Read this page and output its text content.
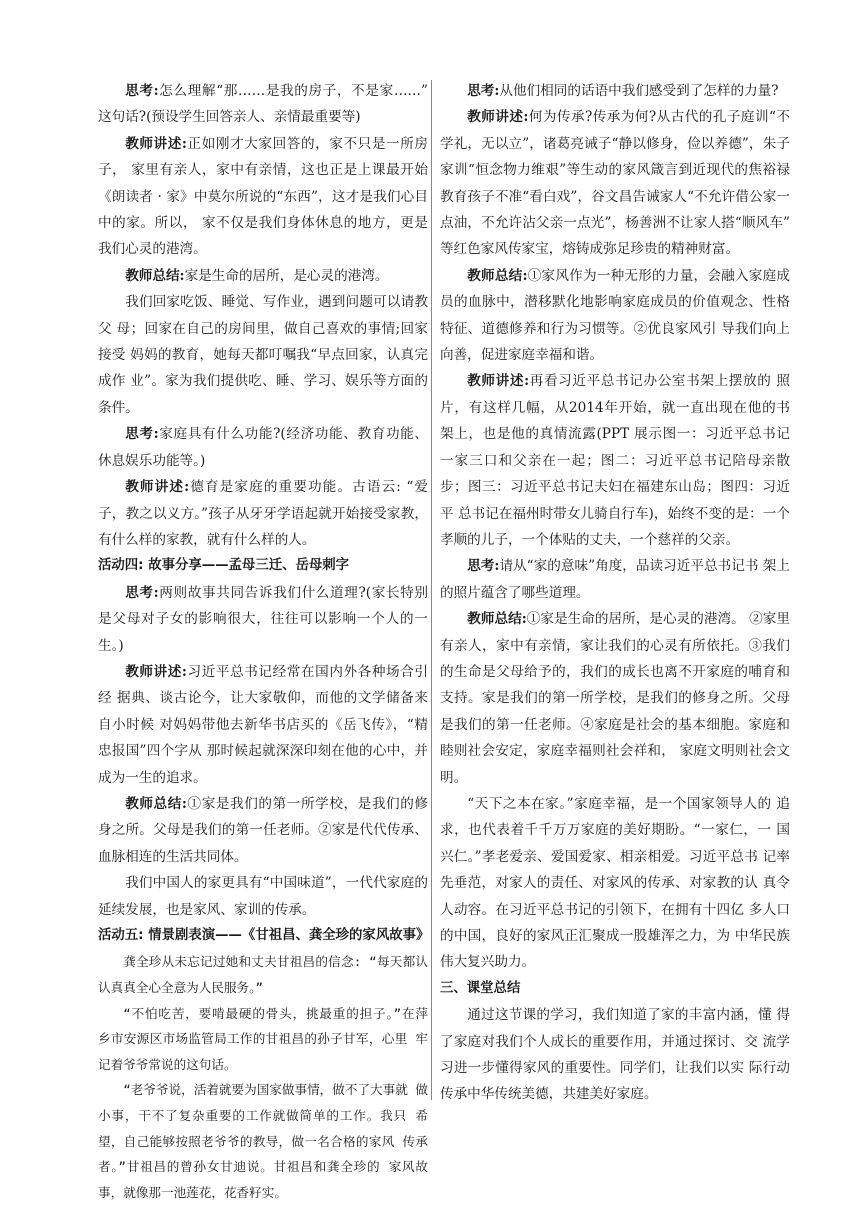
思考:怎么理解“那……是我的房子，不是家……” 这句话?(预设学生回答亲人、亲情最重要等)

教师讲述:正如刚才大家回答的，家不只是一所房子， 家里有亲人，家中有亲情，这也正是上课最开始《朗读者 · 家》中莫尔所说的“东西”，这才是我们心目中的家。所以， 家不仅是我们身体休息的地方，更是我们心灵的港湾。

教师总结:家是生命的居所，是心灵的港湾。

我们回家吃饭、睡觉、写作业，遇到问题可以请教父 母；回家在自己的房间里，做自己喜欢的事情;回家接受 妈妈的教育，她每天都叮嘱我“早点回家，认真完成作 业”。家为我们提供吃、睡、学习、娱乐等方面的条件。

思考:家庭具有什么功能?(经济功能、教育功能、休息娱乐功能等。)

教师讲述:德育是家庭的重要功能。古语云: “爱 子，教之以义方。”孩子从牙牙学语起就开始接受家教， 有什么样的家教，就有什么样的人。

活动四: 故事分享——孟母三迁、岳母刺字

思考:两则故事共同告诉我们什么道理?(家长特别是父母对子女的影响很大，往往可以影响一个人的一生。)

教师讲述:习近平总书记经常在国内外各种场合引经 据典、谈古论今，让大家敬仰，而他的文学储备来自小时候 对妈妈带他去新华书店买的《岳飞传》，“精忠报国”四个字从 那时候起就深深印刻在他的心中，并成为一生的追求。

教师总结:①家是我们的第一所学校，是我们的修 身之所。父母是我们的第一任老师。②家是代代传承、 血脉相连的生活共同体。

我们中国人的家更具有“中国味道”，一代代家庭的延续发展，也是家风、家训的传承。

活动五: 情景剧表演——《甘祖昌、龚全珍的家风故事》

龚全珍从未忘记过她和丈夫甘祖昌的信念: “每天都认认真真全心全意为人民服务。”

“不怕吃苦，要啃最硬的骨头，挑最重的担子。”在萍 乡市安源区市场监管局工作的甘祖昌的孙子甘军，心里 牢记着爷爷常说的这句话。

“老爷爷说，活着就要为国家做事情，做不了大事就 做小事，干不了复杂重要的工作就做简单的工作。我只 希望，自己能够按照老爷爷的教导，做一名合格的家风 传承者。”甘祖昌的曾孙女甘迪说。甘祖昌和龚全珍的 家风故事，就像那一池莲花，花香籽实。

思考:从他们相同的话语中我们感受到了怎样的力量?

教师讲述:何为传承?传承为何?从古代的孔子庭训“不学礼，无以立”，诸葛亮诫子“静以修身，俭以养德”，朱子 家训“恒念物力维艰”等生动的家风箴言到近现代的焦裕禄 教育孩子不准“看白戏”，谷文昌告诫家人“不允许借公家一 点油，不允许沾父亲一点光”，杨善洲不让家人搭“顺风车” 等红色家风传家宝，熔铸成弥足珍贵的精神财富。

教师总结:①家风作为一种无形的力量，会融入家庭成员的血脉中，潜移默化地影响家庭成员的价值观念、性格特征、道德修养和行为习惯等。②优良家风引 导我们向上向善，促进家庭幸福和谐。

教师讲述:再看习近平总书记办公室书架上摆放的 照片，有这样几幅，从2014年开始，就一直出现在他的书 架上，也是他的真情流露(PPT 展示图一：习近平总书记 一家三口和父亲在一起；图二：习近平总书记陪母亲散 步；图三：习近平总书记夫妇在福建东山岛；图四：习近平 总书记在福州时带女儿骑自行车)，始终不变的是：一个 孝顺的儿子，一个体贴的丈夫，一个慈祥的父亲。

思考:请从“家的意味”角度，品读习近平总书记书 架上的照片蕴含了哪些道理。

教师总结:①家是生命的居所，是心灵的港湾。 ②家里有亲人，家中有亲情，家让我们的心灵有所依托。③我们的生命是父母给予的，我们的成长也离不开家庭的哺育和支持。家是我们的第一所学校，是我们的修身之所。父母是我们的第一任老师。④家庭是社会的基本细胞。家庭和睦则社会安定，家庭幸福则社会祥和， 家庭文明则社会文明。

“天下之本在家。”家庭幸福，是一个国家领导人的 追求，也代表着千千万万家庭的美好期盼。“一家仁，一 国兴仁。”孝老爱亲、爱国爱家、相亲相爱。习近平总书 记率先垂范，对家人的责任、对家风的传承、对家教的认 真令人动容。在习近平总书记的引领下，在拥有十四亿 多人口的中国，良好的家风正汇聚成一股雄浑之力，为 中华民族伟大复兴助力。

三、课堂总结

通过这节课的学习，我们知道了家的丰富内涵，懂 得了家庭对我们个人成长的重要作用，并通过探讨、交 流学习进一步懂得家风的重要性。同学们，让我们以实 际行动传承中华传统美德，共建美好家庭。
